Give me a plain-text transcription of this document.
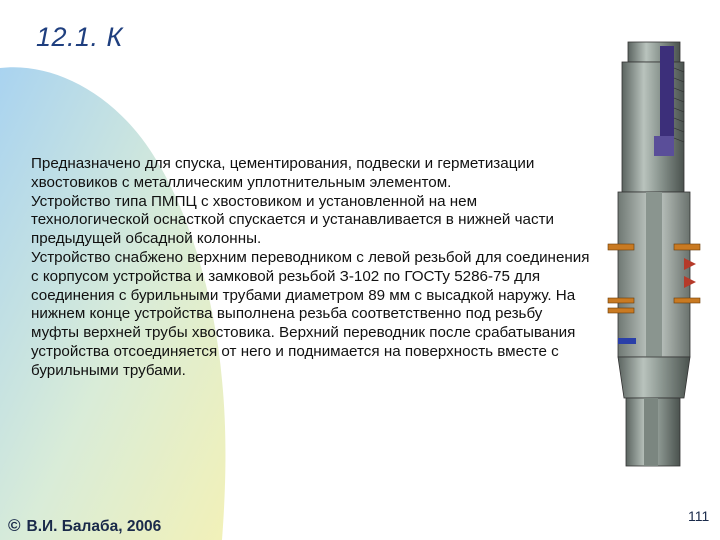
12.1. К

Предназначено для спуска, цементирования, подвески и герметизации хвостовиков с металлическим уплотнительным элементом.

Устройство типа ПМПЦ с хвостовиком и установленной на нем технологической оснасткой спускается и устанавливается в нижней части предыдущей обсадной колонны.

Устройство снабжено верхним переводником с левой резьбой для соединения с корпусом устройства и замковой резьбой З-102 по ГОСТу 5286-75 для соединения с бурильными трубами диаметром 89 мм с высадкой наружу. На нижнем конце устройства выполнена резьба соответственно под резьбу муфты верхней трубы хвостовика. Верхний переводник после срабатывания устройства отсоединяется от него и поднимается на поверхность вместе с бурильными трубами.

© В.И. Балаба, 2006
111
